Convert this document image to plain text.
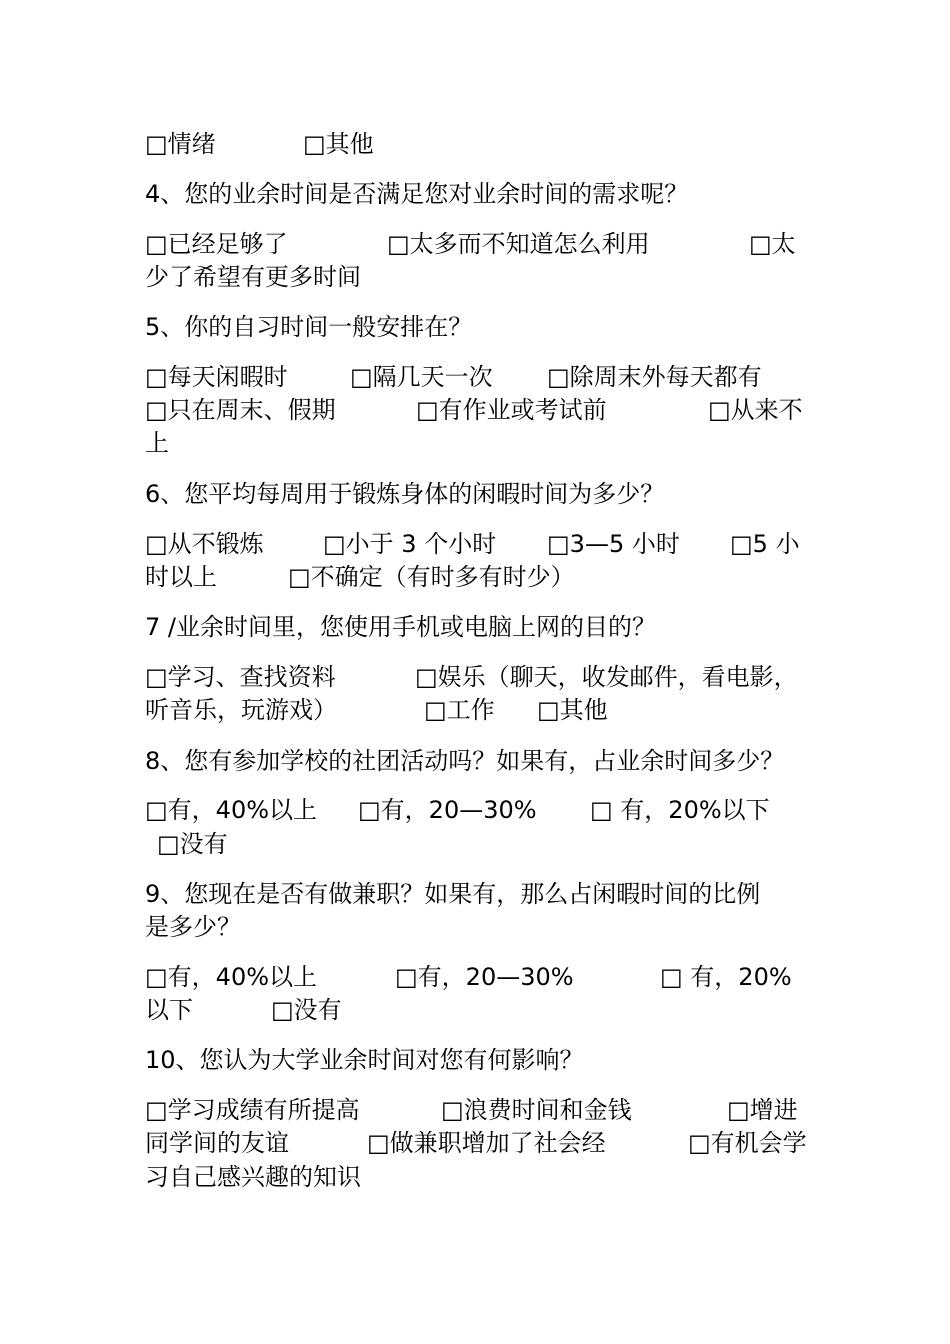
□情绪	□其他
4、您的业余时间是否满足您对业余时间的需求呢？
□已经足够了	□太多而不知道怎么利用	□太
少了希望有更多时间
5、你的自习时间一般安排在？
□每天闲暇时	□隔几天一次 □除周末外每天都有
□只在周末、假期	□有作业或考试前	□从来不
上
6、您平均每周用于锻炼身体的闲暇时间为多少？
□从不锻炼 □小于 3 个小时 □3—5 小时 □5 小
时以上	□不确定（有时多有时少）
7 /业余时间里，您使用手机或电脑上网的目的？
□学习、查找资料	□娱乐（聊天，收发邮件，看电影，
听音乐，玩游戏）	□工作 □其他
8、您有参加学校的社团活动吗？如果有，占业余时间多少？
□有，40%以上 □有，20—30% □ 有，20%以下
□没有
9、您现在是否有做兼职？如果有，那么占闲暇时间的比例
是多少？
□有，40%以上	□有，20—30%	□ 有，20%
以下	□没有
10、您认为大学业余时间对您有何影响？
□学习成绩有所提高	□浪费时间和金钱	□增进
同学间的友谊	□做兼职增加了社会经	□有机会学
习自己感兴趣的知识
